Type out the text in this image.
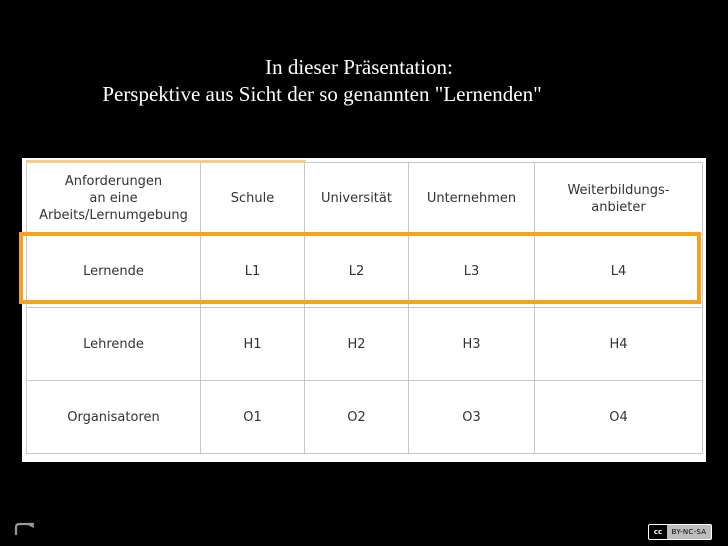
In dieser Präsentation:
Perspektive aus Sicht der so genannten "Lernenden"
Anforderungen
an eine
Arbeits/Lernumgebung	Schule	Universität	Unternehmen	Weiterbildungs-
anbieter
Lernende	L1	L2	L3	L4
Lehrende	H1	H2	H3	H4
Organisatoren	O1	O2	O3	O4
cc	BY-NC-SA
